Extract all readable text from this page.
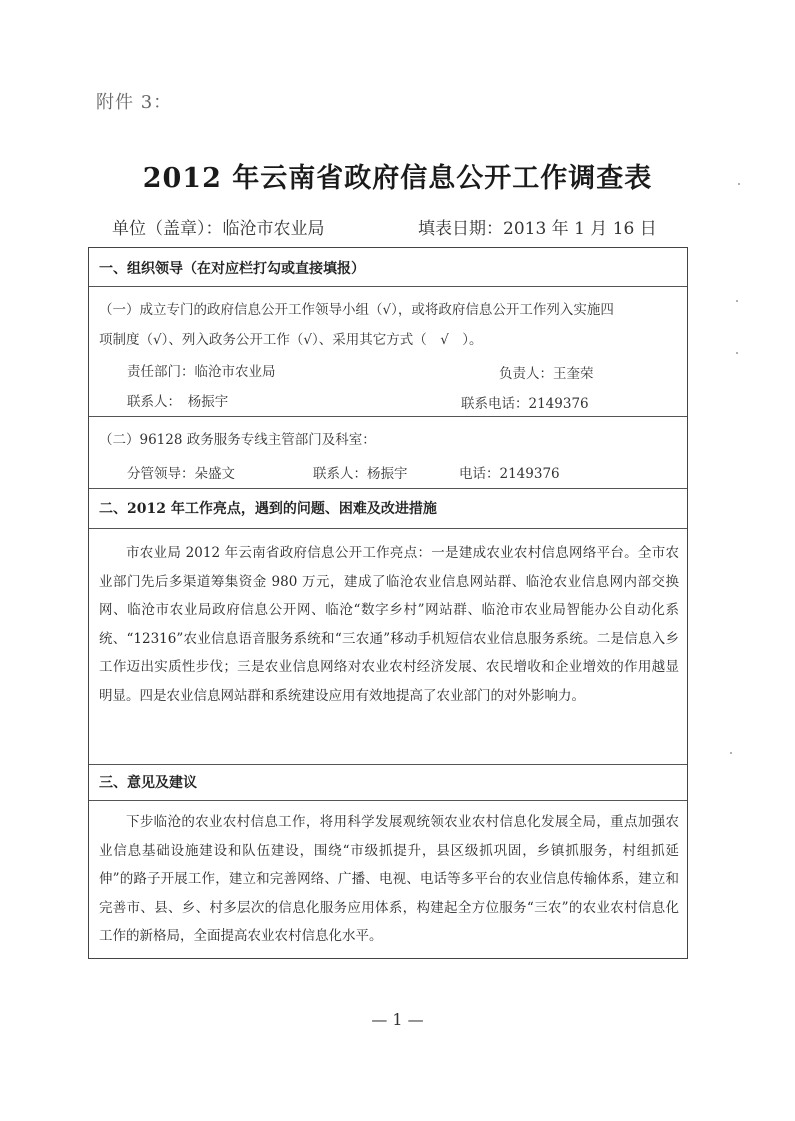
附件 3：
2012 年云南省政府信息公开工作调查表
单位（盖章）：临沧市农业局	填表日期：2013 年 1 月 16 日
一、组织领导（在对应栏打勾或直接填报）
（一）成立专门的政府信息公开工作领导小组（√），或将政府信息公开工作列入实施四
项制度（√）、列入政务公开工作（√）、采用其它方式（　√　）。
责任部门：临沧市农业局	负责人：王奎荣
联系人：　杨振宇	联系电话：2149376
（二）96128 政务服务专线主管部门及科室：
分管领导：朵盛文	联系人：杨振宇	电话：2149376
二、2012 年工作亮点，遇到的问题、困难及改进措施

市农业局 2012 年云南省政府信息公开工作亮点：一是建成农业农村信息网络平台。全市农业部门先后多渠道筹集资金 980 万元，建成了临沧农业信息网站群、临沧农业信息网内部交换网、临沧市农业局政府信息公开网、临沧“数字乡村”网站群、临沧市农业局智能办公自动化系统、“12316”农业信息语音服务系统和“三农通”移动手机短信农业信息服务系统。二是信息入乡工作迈出实质性步伐；三是农业信息网络对农业农村经济发展、农民增收和企业增效的作用越显明显。四是农业信息网站群和系统建设应用有效地提高了农业部门的对外影响力。

三、意见及建议

下步临沧的农业农村信息工作，将用科学发展观统领农业农村信息化发展全局，重点加强农业信息基础设施建设和队伍建设，围绕“市级抓提升，县区级抓巩固，乡镇抓服务，村组抓延伸”的路子开展工作，建立和完善网络、广播、电视、电话等多平台的农业信息传输体系，建立和完善市、县、乡、村多层次的信息化服务应用体系，构建起全方位服务“三农”的农业农村信息化工作的新格局，全面提高农业农村信息化水平。

— 1 —
